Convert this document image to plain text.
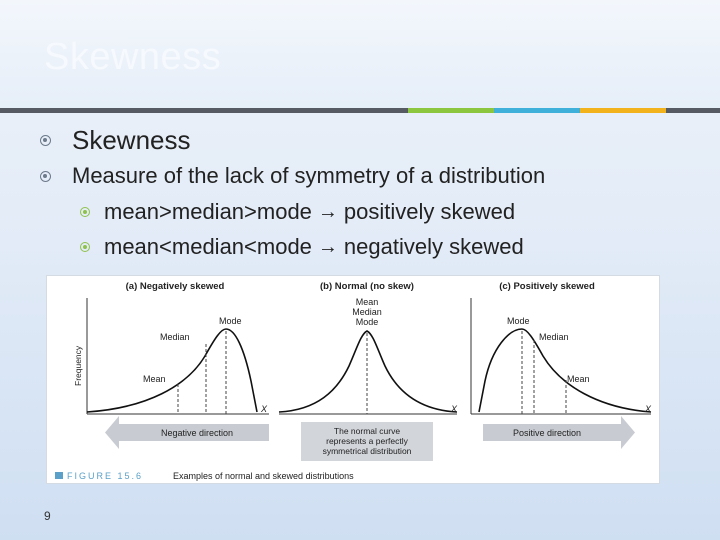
Skewness
Skewness
Measure of the lack of symmetry of a distribution
mean>median>mode → positively skewed
mean<median<mode → negatively skewed
(a) Negatively skewed	(b) Normal (no skew)	(c) Positively skewed
Frequency
Mode
Median
Mean
X
Mean
Median
Mode
X
Mode
Median
Mean
X
Negative direction	Positive direction
The normal curve
represents a perfectly
symmetrical distribution
FIGURE 15.6	Examples of normal and skewed distributions
9
